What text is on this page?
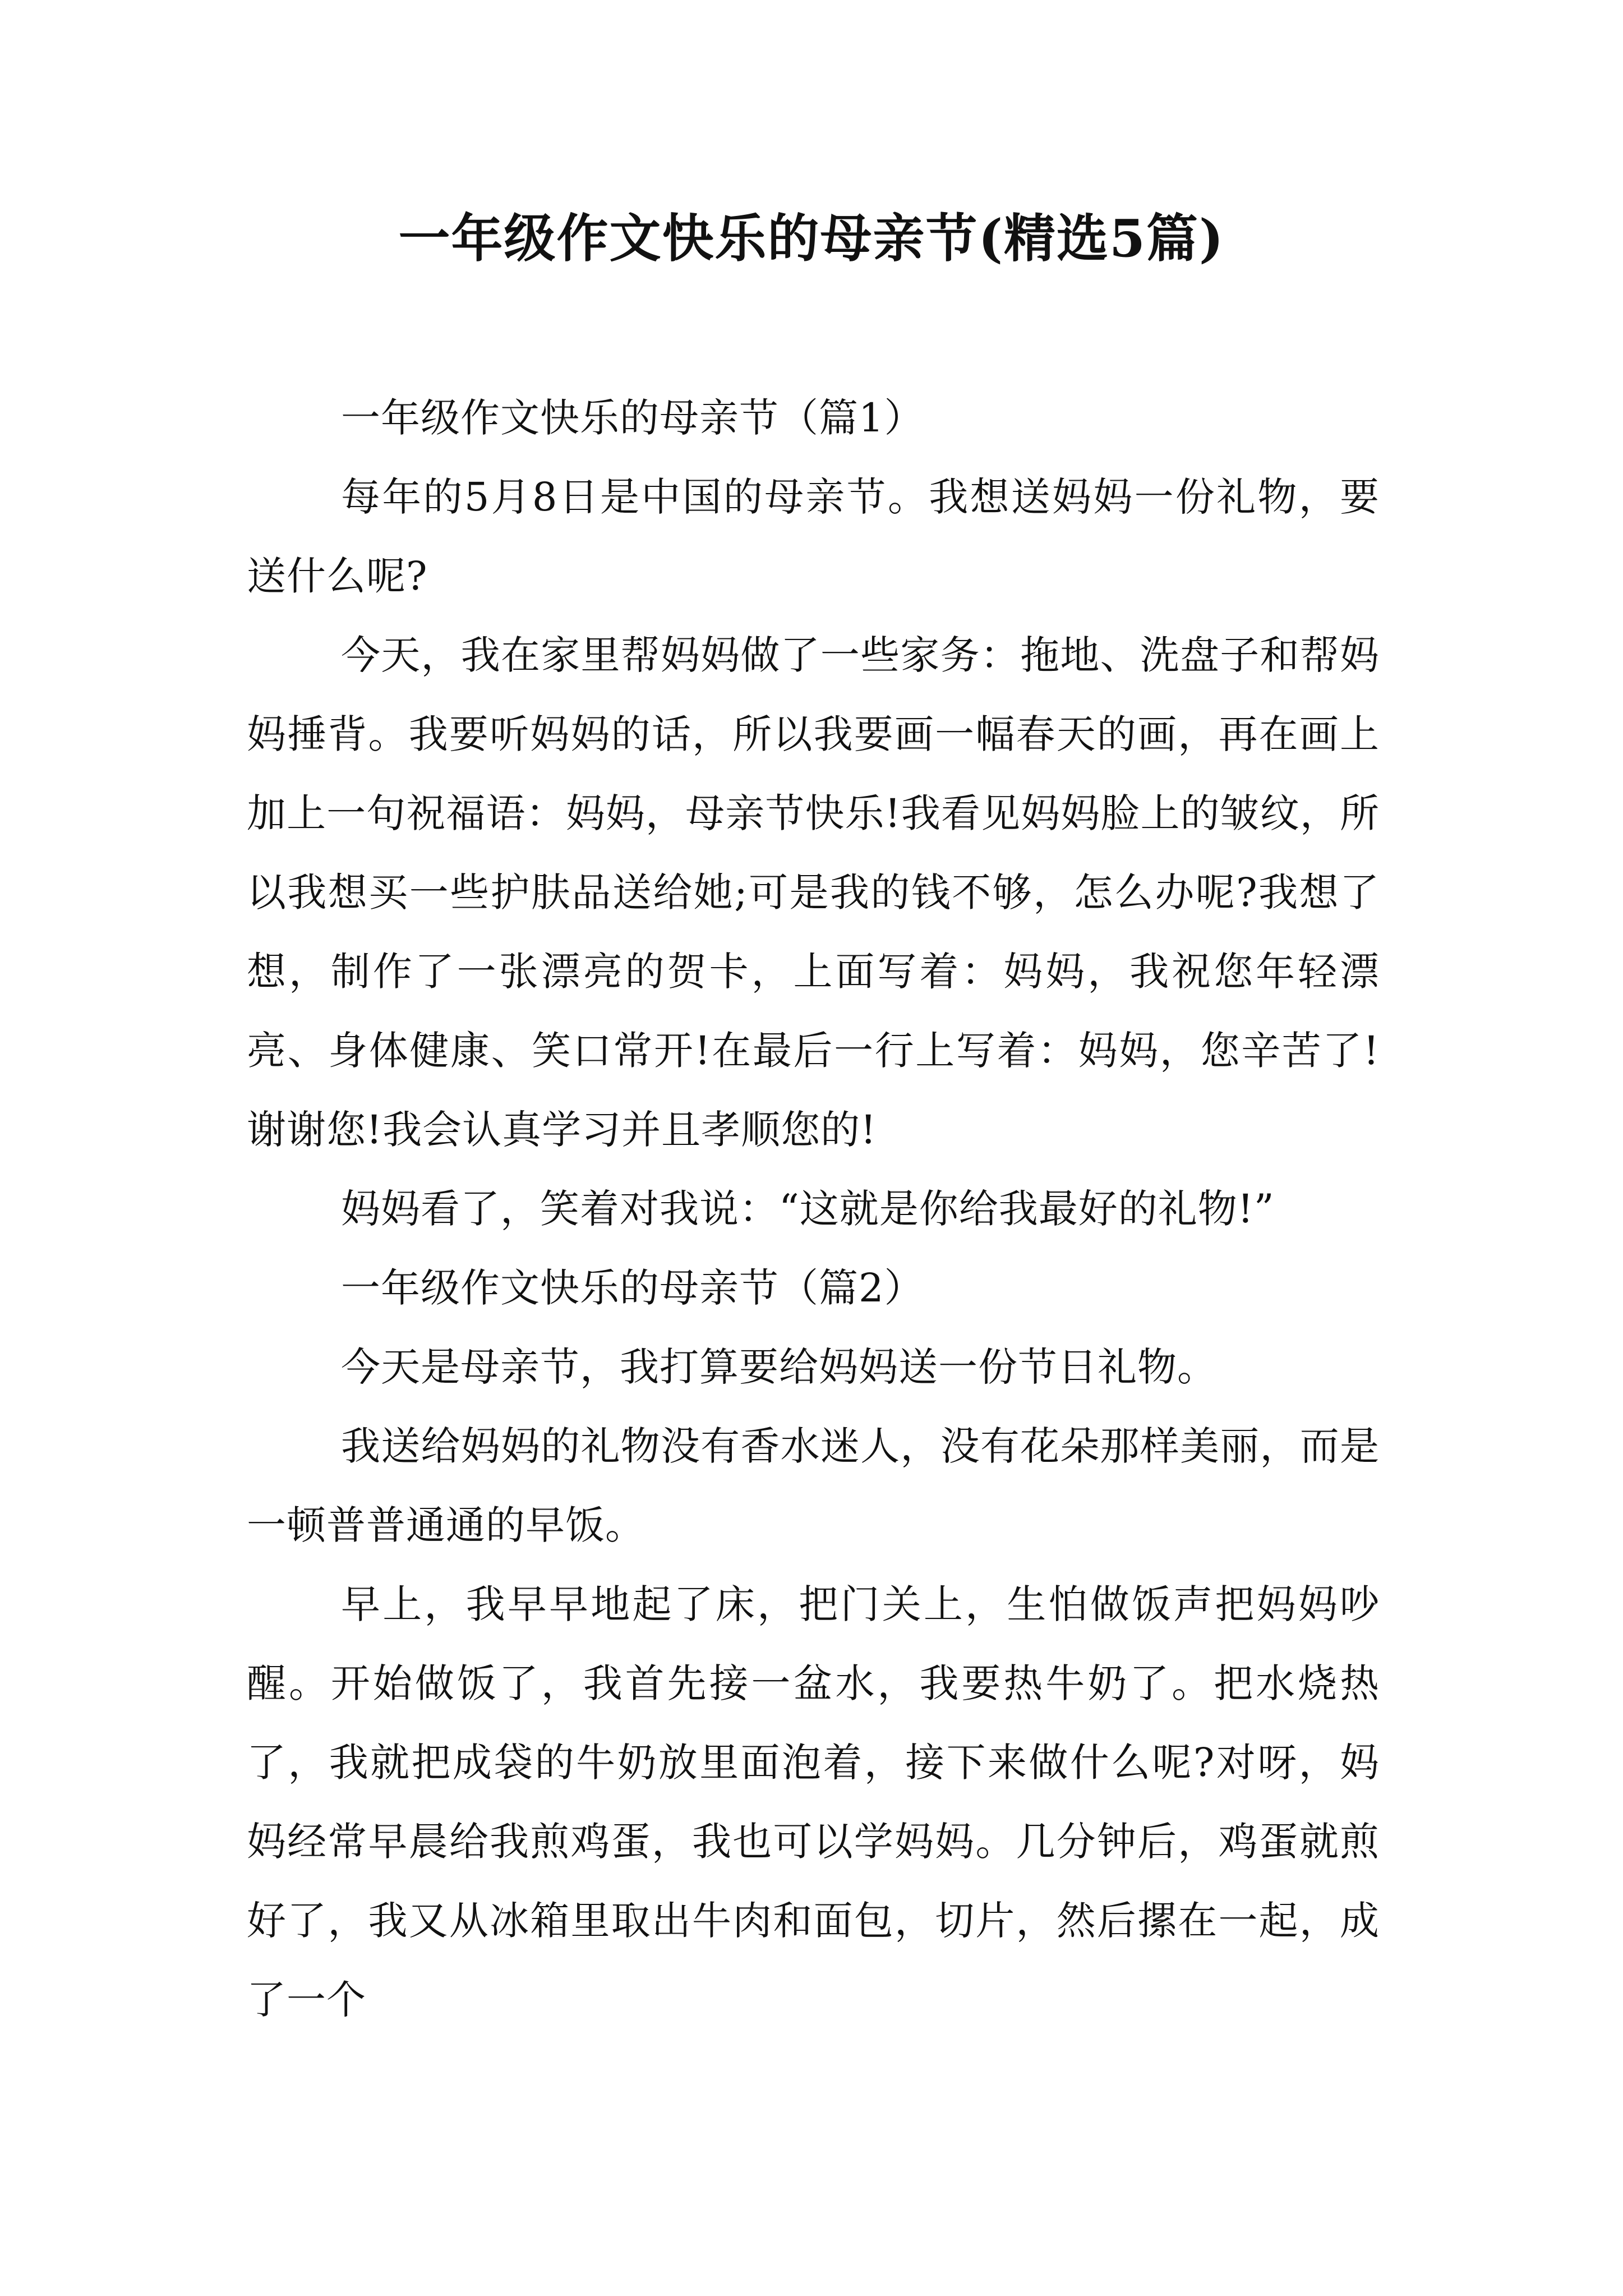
一年级作文快乐的母亲节(精选5篇)

一年级作文快乐的母亲节（篇1）

每年的5月8日是中国的母亲节。我想送妈妈一份礼物，要送什么呢?

今天，我在家里帮妈妈做了一些家务：拖地、洗盘子和帮妈妈捶背。我要听妈妈的话，所以我要画一幅春天的画，再在画上加上一句祝福语：妈妈，母亲节快乐!我看见妈妈脸上的皱纹，所以我想买一些护肤品送给她;可是我的钱不够，怎么办呢?我想了想，制作了一张漂亮的贺卡，上面写着：妈妈，我祝您年轻漂亮、身体健康、笑口常开!在最后一行上写着：妈妈，您辛苦了!谢谢您!我会认真学习并且孝顺您的!

妈妈看了，笑着对我说：“这就是你给我最好的礼物!”

一年级作文快乐的母亲节（篇2）

今天是母亲节，我打算要给妈妈送一份节日礼物。

我送给妈妈的礼物没有香水迷人，没有花朵那样美丽，而是一顿普普通通的早饭。

早上，我早早地起了床，把门关上，生怕做饭声把妈妈吵醒。开始做饭了，我首先接一盆水，我要热牛奶了。把水烧热了，我就把成袋的牛奶放里面泡着，接下来做什么呢?对呀，妈妈经常早晨给我煎鸡蛋，我也可以学妈妈。几分钟后，鸡蛋就煎好了，我又从冰箱里取出牛肉和面包，切片，然后摞在一起，成了一个
